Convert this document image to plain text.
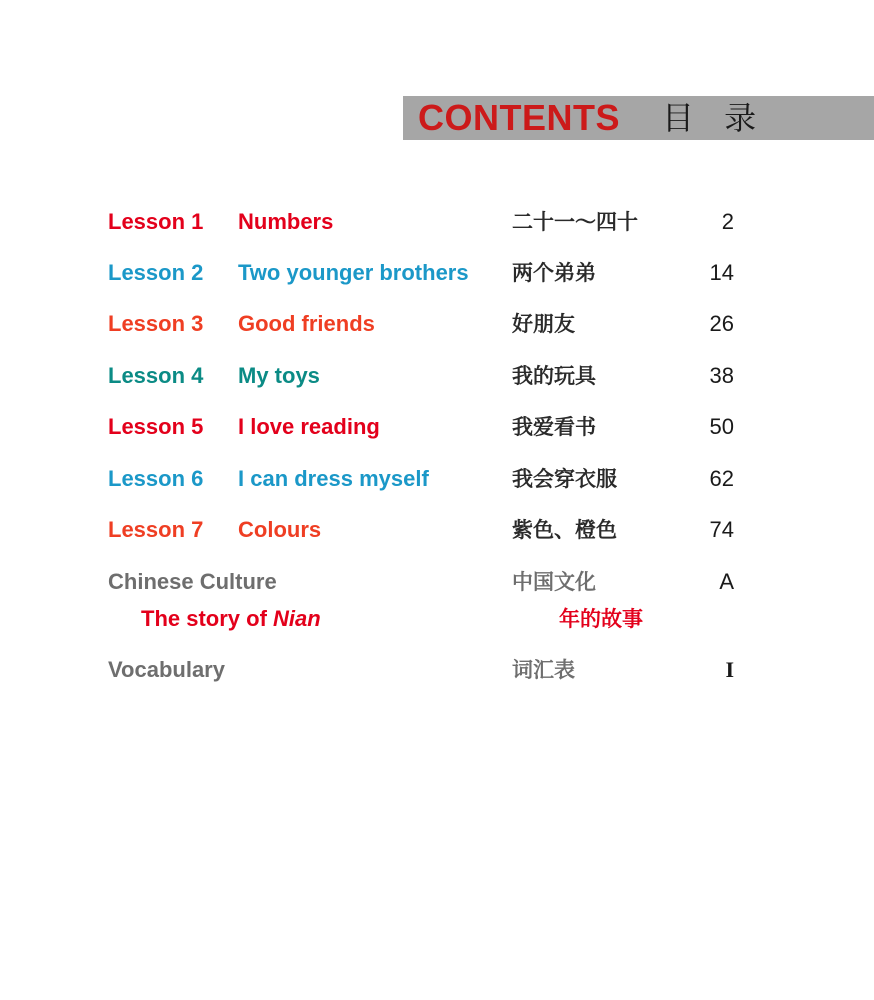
CONTENTS 目 录
Lesson 1 Numbers	二十一～四十	2
Lesson 2 Two younger brothers 两个弟弟	14
Lesson 3 Good friends	好朋友	26
Lesson 4 My toys	我的玩具	38
Lesson 5 I love reading	我爱看书	50
Lesson 6 I can dress myself	我会穿衣服	62
Lesson 7 Colours	紫色、橙色	74
Chinese Culture	中国文化	A
The story of Nian	年的故事
Vocabulary	词汇表	I
